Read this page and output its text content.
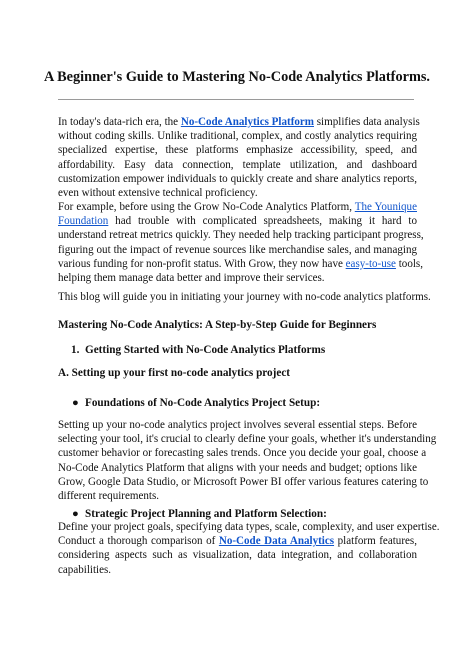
A Beginner's Guide to Mastering No-Code Analytics Platforms.
In today's data-rich era, the No-Code Analytics Platform simplifies data analysis
without coding skills. Unlike traditional, complex, and costly analytics requiring
specialized expertise, these platforms emphasize accessibility, speed, and
affordability. Easy data connection, template utilization, and dashboard
customization empower individuals to quickly create and share analytics reports,
even without extensive technical proficiency.
For example, before using the Grow No-Code Analytics Platform, The Younique
Foundation had trouble with complicated spreadsheets, making it hard to
understand retreat metrics quickly. They needed help tracking participant progress,
figuring out the impact of revenue sources like merchandise sales, and managing
various funding for non-profit status. With Grow, they now have easy-to-use tools,
helping them manage data better and improve their services.
This blog will guide you in initiating your journey with no-code analytics platforms.
Mastering No-Code Analytics: A Step-by-Step Guide for Beginners
1. Getting Started with No-Code Analytics Platforms
A. Setting up your first no-code analytics project
● Foundations of No-Code Analytics Project Setup:
Setting up your no-code analytics project involves several essential steps. Before
selecting your tool, it's crucial to clearly define your goals, whether it's understanding
customer behavior or forecasting sales trends. Once you decide your goal, choose a
No-Code Analytics Platform that aligns with your needs and budget; options like
Grow, Google Data Studio, or Microsoft Power BI offer various features catering to
different requirements.
● Strategic Project Planning and Platform Selection:
Define your project goals, specifying data types, scale, complexity, and user expertise.
Conduct a thorough comparison of No-Code Data Analytics platform features,
considering aspects such as visualization, data integration, and collaboration
capabilities.
